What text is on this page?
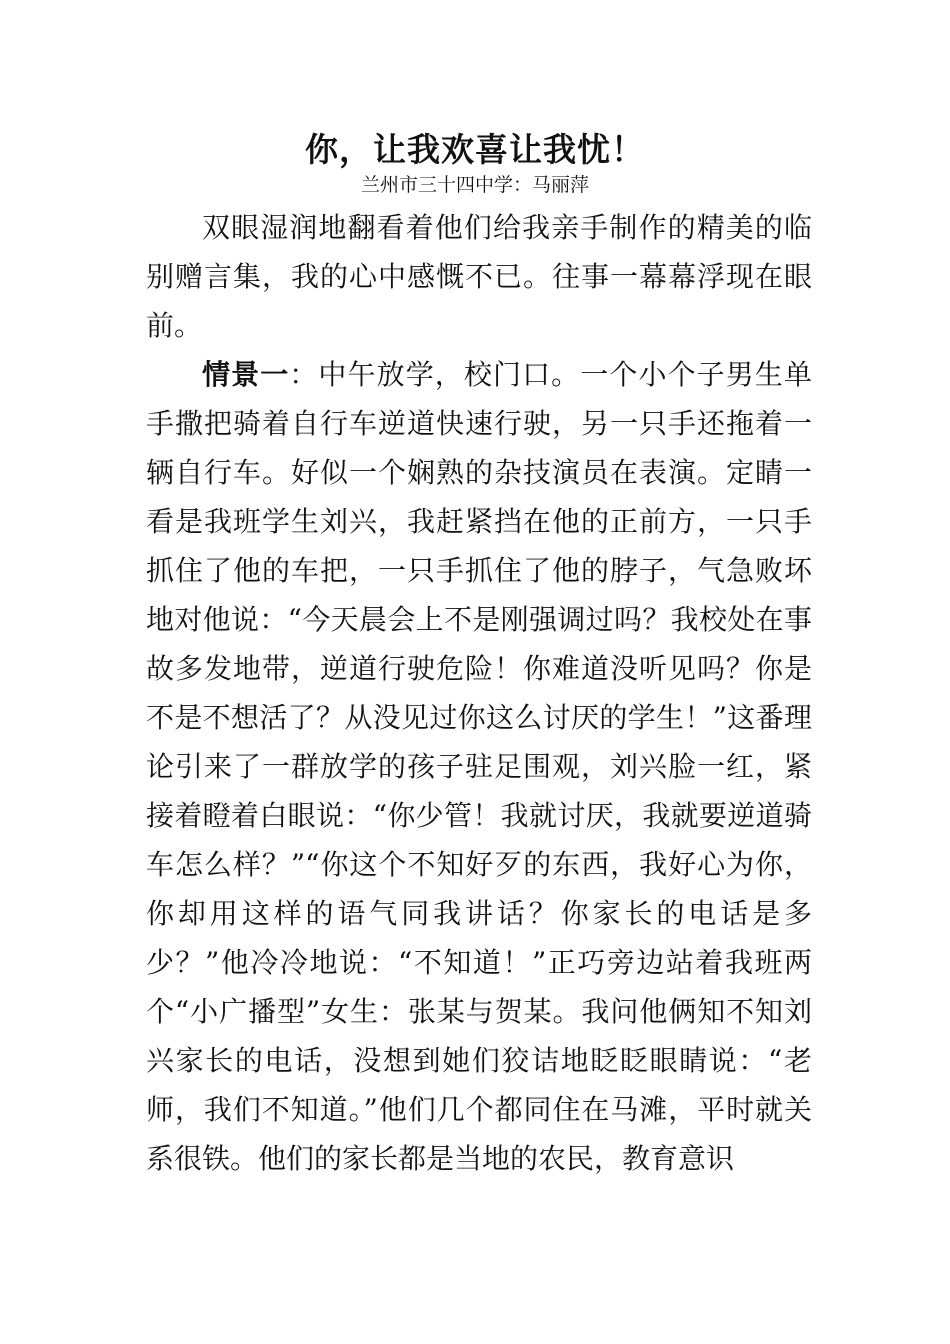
你，让我欢喜让我忧！
兰州市三十四中学：马丽萍

双眼湿润地翻看着他们给我亲手制作的精美的临别赠言集，我的心中感慨不已。往事一幕幕浮现在眼前。

情景一：中午放学，校门口。一个小个子男生单手撒把骑着自行车逆道快速行驶，另一只手还拖着一辆自行车。好似一个娴熟的杂技演员在表演。定睛一看是我班学生刘兴，我赶紧挡在他的正前方，一只手抓住了他的车把，一只手抓住了他的脖子，气急败坏地对他说：“今天晨会上不是刚强调过吗？我校处在事故多发地带，逆道行驶危险！你难道没听见吗？你是不是不想活了？从没见过你这么讨厌的学生！”这番理论引来了一群放学的孩子驻足围观，刘兴脸一红，紧接着瞪着白眼说：“你少管！我就讨厌，我就要逆道骑车怎么样？”“你这个不知好歹的东西，我好心为你，你却用这样的语气同我讲话？你家长的电话是多少？”他冷冷地说：“不知道！”正巧旁边站着我班两个“小广播型”女生：张某与贺某。我问他俩知不知刘兴家长的电话，没想到她们狡诘地眨眨眼睛说：“老师，我们不知道。”他们几个都同住在马滩，平时就关系很铁。他们的家长都是当地的农民，教育意识
